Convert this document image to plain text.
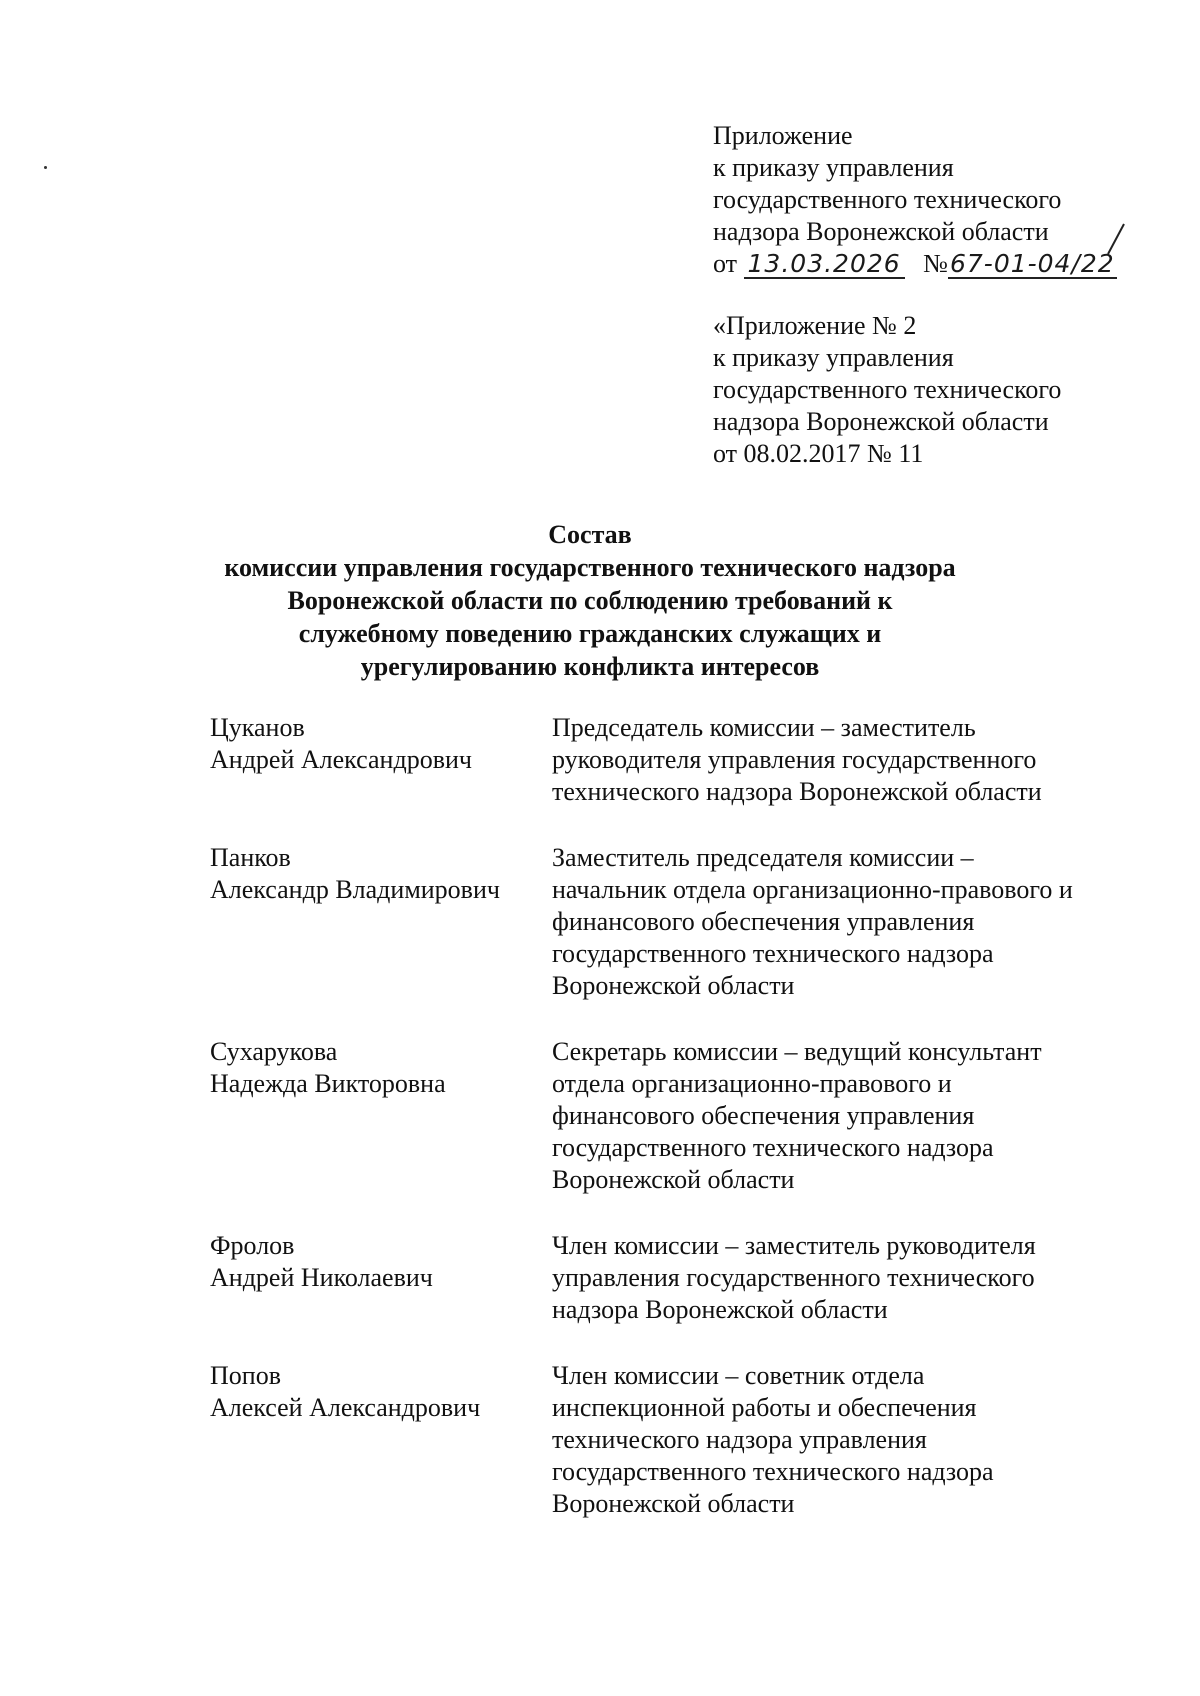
Приложение
к приказу управления
государственного технического
надзора Воронежской области
от 13.03.2026 №67-01-04/22
«Приложение № 2
к приказу управления
государственного технического
надзора Воронежской области
от 08.02.2017 № 11
Состав
комиссии управления государственного технического надзора
Воронежской области по соблюдению требований к
служебному поведению гражданских служащих и
урегулированию конфликта интересов
Цуканов
Андрей Александрович
Председатель комиссии – заместитель
руководителя управления государственного
технического надзора Воронежской области
Панков
Александр Владимирович
Заместитель председателя комиссии –
начальник отдела организационно-правового и
финансового обеспечения управления
государственного технического надзора
Воронежской области
Сухарукова
Надежда Викторовна
Секретарь комиссии – ведущий консультант
отдела организационно-правового и
финансового обеспечения управления
государственного технического надзора
Воронежской области
Фролов
Андрей Николаевич
Член комиссии – заместитель руководителя
управления государственного технического
надзора Воронежской области
Попов
Алексей Александрович
Член комиссии – советник отдела
инспекционной работы и обеспечения
технического надзора управления
государственного технического надзора
Воронежской области
